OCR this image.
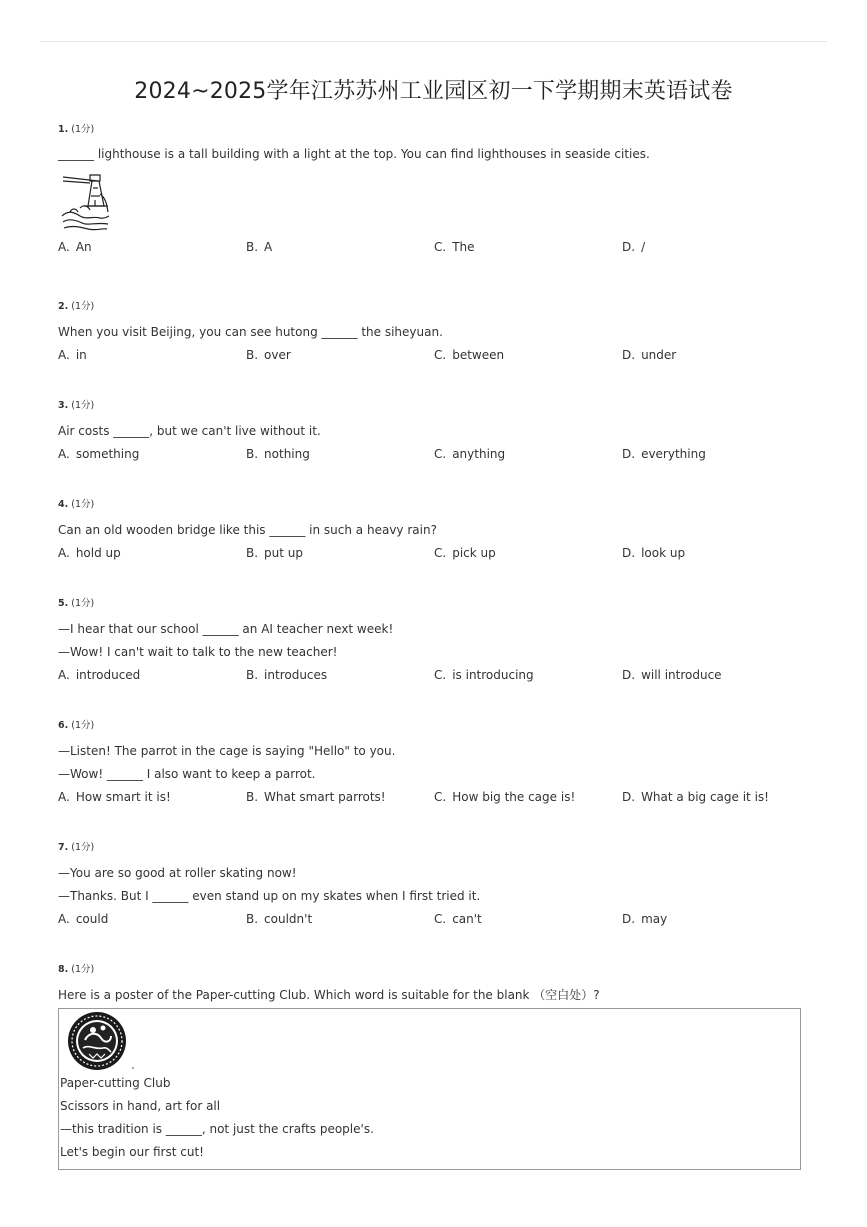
2024~2025学年江苏苏州工业园区初一下学期期末英语试卷
1. (1分)
______ lighthouse is a tall building with a light at the top. You can find lighthouses in seaside cities.
A. An	B. A	C. The	D. /
2. (1分)
When you visit Beijing, you can see hutong ______ the siheyuan.
A. in	B. over	C. between	D. under
3. (1分)
Air costs ______, but we can't live without it.
A. something	B. nothing	C. anything	D. everything
4. (1分)
Can an old wooden bridge like this ______ in such a heavy rain?
A. hold up	B. put up	C. pick up	D. look up
5. (1分)
—I hear that our school ______ an AI teacher next week!
—Wow! I can't wait to talk to the new teacher!
A. introduced	B. introduces	C. is introducing	D. will introduce
6. (1分)
—Listen! The parrot in the cage is saying "Hello" to you.
—Wow! ______ I also want to keep a parrot.
A. How smart it is!	B. What smart parrots!	C. How big the cage is!	D. What a big cage it is!
7. (1分)
—You are so good at roller skating now!
—Thanks. But I ______ even stand up on my skates when I first tried it.
A. could	B. couldn't	C. can't	D. may
8. (1分)
Here is a poster of the Paper-cutting Club. Which word is suitable for the blank （空白处）?
Paper-cutting Club
Scissors in hand, art for all
—this tradition is ______, not just the crafts people's.
Let's begin our first cut!
